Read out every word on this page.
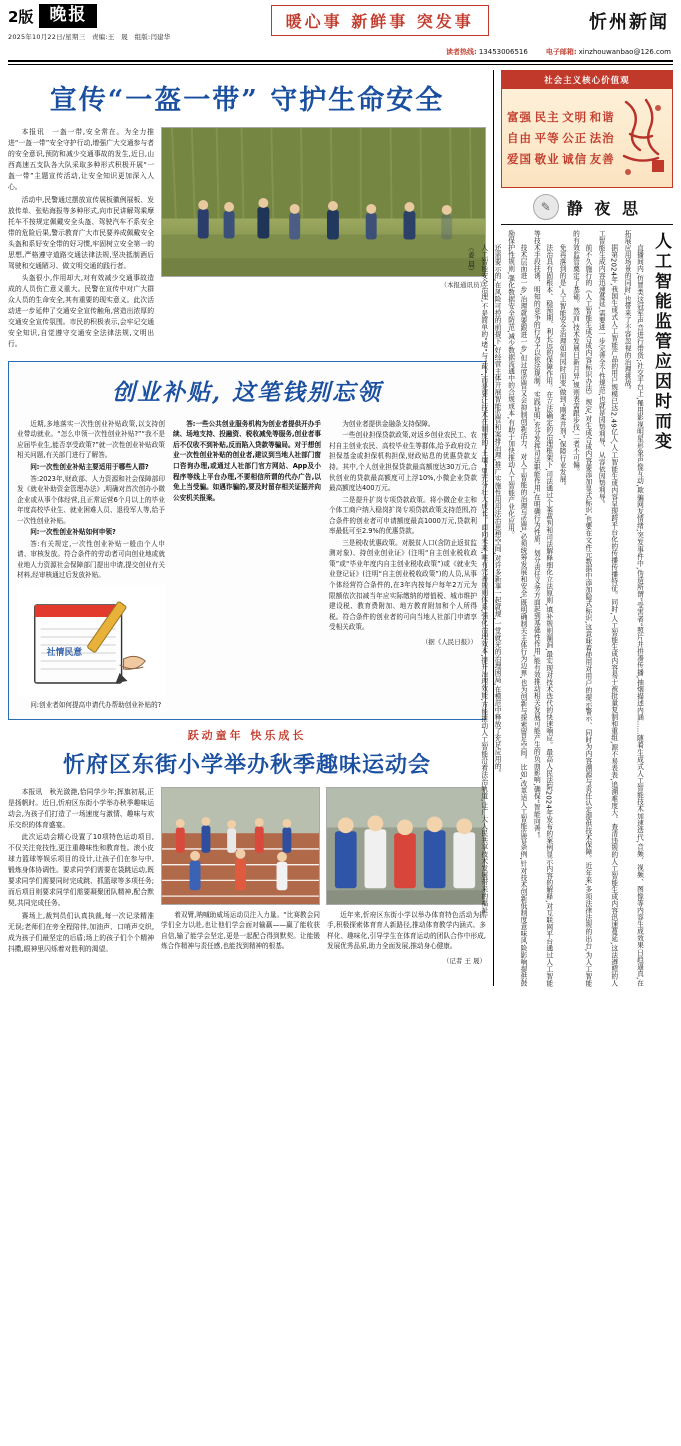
2版 晚报
2025年10月22日/星期三　责编:王　晟　组版:闫建华
暖心事 新鲜事 突发事	忻州新闻
读者热线: 13453006516	电子邮箱: xinzhouwanbao@126.com
宣传“一盔一带” 守护生命安全

本报讯　一盔一带,安全常在。为全力推进“一盔一带”安全守护行动,增强广大交通参与者的安全意识,预防和减少交通事故的发生,近日,山西高速五支队各大队采取多种形式积极开展“一盔一带”主题宣传活动,让安全知识更加深入人心。

活动中,民警通过摆放宣传展板徽例展板、发放传单、张贴海报等多种形式,向市民讲解驾乘摩托车不按规定佩戴安全头盔、驾驶汽车不系安全带的危险后果,警示教育广大市民要养成佩戴安全头盔和系好安全带的好习惯,牢固树立安全第一的思想,严格遵守道路交通法律法规,坚决抵制酒后驾驶和交通陋习、做文明交通的践行者。

头盔很小,作用却大,对有效减少交通事故造成的人员伤亡意义重大。民警在宣传中对广大群众人员的生命安全,其有重要的现实意义。此次活动进一步延伸了交通安全宣传触角,营造出浓厚的交通安全宣传氛围。市民的积极表示,会牢记交通安全知识,自觉遵守交通安全法律法规,文明出行。

（本报通讯员）
创业补贴, 这笔钱别忘领

近期,多地落实一次性创业补贴政策,以支持创业带动就业。“怎么申领一次性创业补贴?”“我不是应届毕业生,能否享受政策?”就一次性创业补贴政策相关问题,有关部门进行了解答。

问:一次性创业补贴主要适用于哪些人群?

答:2023年,财政部、人力资源和社会保障部印发《就业补助资金管理办法》,明确对首次创办小微企业或从事个体经营,且正常运营6个月以上的毕业年度高校毕业生、就业困难人员、退役军人等,给予一次性创业补贴。

问:一次性创业补贴如何申领?

答:有关规定,一次性创业补贴一般由个人申请、审核发放。符合条件的劳动者可向创业地或就业地人力资源社会保障部门提出申请,提交创业有关材料,经审核通过后发放补贴。

社情民意

问:创业者如何提高申请代办帮助创业补贴的?

答:一些公共创业服务机构为创业者提供开办手续、场地支持、投融资、税收减免等服务,创业者事后不仅收不到补贴,反而陷入贷款等骗局。对于想创业一次性创业补贴的创业者,建议到当地人社部门窗口咨询办理,或通过人社部门官方网站、App及小程序等线上平台办理,不要相信所谓的代办广告,以免上当受骗。如遇诈骗的,要及时留存相关证据并向公安机关报案。

为创业者提供金融条支持保障。

一些创业担保贷款政策,对返乡创业农民工、农村自主创业农民、高校毕业生等群体,给予政府设立担保基金或担保机构担保,财政贴息的优惠贷款支持。其中,个人创业担保贷款最高额度达30万元,合伙创业的贷款最高额度可上浮10%,小微企业贷款最高额度达400万元。

二是提升扩岗专项贷款政策。将小微企业主和个体工商户纳入稳岗扩岗专项贷款政策支持范围,符合条件的创业者可申请额度最高1000万元,贷款利率最低可至2.9%的优惠贷款。

三是税收优惠政策。对脱贫人口(含防止返贫监测对象)、持创业创业证》(注明“自主创业税收政策”或“毕业年度内自主创业税收政策”)或《就业失业登记证》(注明“自主创业税收政策”)的人员,从事个体经营符合条件的,在3年内按每户每年2万元为限额依次扣减当年应实际缴纳的增值税、城市维护建设税、教育费附加、地方教育附加和个人所得税。符合条件的创业者的可向当地人社部门申请享受相关政策。

（据《人民日报》）
跃动童年 快乐成长
忻府区东街小学举办秋季趣味运动会

本报讯　秋光潋滟,恰同学少年;挥旗初展,正是扬帆时。近日,忻府区东街小学举办秋季趣味运动会,为孩子们打造了一场速度与激情、趣味与欢乐交织的体育盛宴。

此次运动会精心设置了10项特色运动项目,不仅关注竞技性,更注重趣味性和教育性。滚小皮球力篮球等娱乐项目的设计,让孩子们在参与中,锻炼身体协调性。要求同学们需要在袋跳运动,既要求同学们需要同时完成跳、抓篮球等多项任务;而后项目则要求同学们需要凝聚团队精神,配合默契,共同完成任务。

赛场上,裁判员们认真执裁,每一次记录精准无误;老师们在旁全程陪伴,加油声、口哨声交织,成为孩子们最坚定的后盾;场上的孩子们个个精神抖擞,眼神里闪烁着对胜利的渴望。

着双臂,呐喊助威场运动员注入力量。“比赛教会同学们全力以赴,也让他们学会面对输赢——赢了能收获自信,输了能学会坚定,更是一起配合得到默契。让能锻炼合作精神与责任感,也能找到精神的根基。

近年来,忻府区东街小学以举办体育特色活动为抓手,积极探索体育育人新路径,推动体育教学内涵式、多样化、趣味化,引导学生在体育运动的团队合作中形成,发展优秀品质,助力全面发展,推动身心健康。

（记者 王 晟）
社会主义核心价值观
富强 民主 文明 和谐
自由 平等 公正 法治
爱国 敬业 诚信 友善
✎ 静 夜 思
人工智能监管应因时而变

直播间内,仿冒类这冠军声音进行带货;社交平台上,罹用影视明星形象声像互动,欺骗网友情绪;突发事件中,伪造所谓“受害者”照片并拼凑传播,抽烟描述内涵……随着生成式人工智能技术加速迭代,音频、视频、图像等内容生成效果日趋逼真,在拓展应用场景的同时,也带来了不容忽视的治理挑战。

据第2024年,我国生成式人工智能产品的用户规模已达2.49亿人,人工智能生成内容呈现跨平台化的传播传播特征。同时,人工智能生成内容易于被批量复制和重组,源不易表表,追溯难度大、查清违规的人工智能生成内容迅速蔓延,这法遵照的人工智能生成内容迅速蔓延,需要进一步完善全个性规范,也就是因势利导、从容依因势利导。

前不久施行的《人工智能生成合成内容标识办法》规定,对生成合成内容要添加显式标识,也要在文件元数据中添加隐式标识,这意味着使用对用户的提示警示、同时为内容溯源与责任认定提供技术保障。近年来,多项法律法规的出台,为人工智能的有效监管奠定了基础。然而,技术发展日新月异,规则表需跟步伐,二者不可偏。

免再落到的是,人工智能安全治理如何因时而变,做到“刚柔并剂”,保障行业发展。

法治具有固根本、稳预期、利长远的保障作用。在立法确定的治理框架下,司法通过个案裁判和司法解释细化立法原则,填补规则漏洞,最实现对技术迭代的快速响应。最高人民法院2024年发布的案例显示内容的解释,对互联网平台通过人工智能等技术手段扶诱、明知的竞争的行为予以依法规制。实践证明,充分发挥司法职能作用,在明确行为性质、划分责任义务方面起到基础性作用,能有效推动相关发展可能产生的负面影响,确保“智能向善”。

技术层面进一步,治理就要跟进一步,但过度监管又会抑制创新活力。对人工智能的治理与监管,必须统筹发展和安全,既明确制关主体行为边界,也为创新与探索留足空间。比如,改革适人工智能监管条例,针对技术创新低制度意味风险影响提供鼓励保护性规则,强化数据安全防范,减少数据流通中的合规成本,有助于加快推动人工智能产业化应用。

还需要示的,在风险可控的前提下,好经营主体开展智能监管和案排治理,推广实施性用用法治思想空间,对许多新事一起就规,一堂就光的治理困局,在模范中释放了充足应用的。

人工智能安全治理,不是简单的“堵”与“疏”,而是要让技术在制度的“土壤”里充分壮大成长。面向未来,唯有完善规则体系,强化治理效本,提升治理效能,方能推动人工智能沿着法治轨道,让广大人民共享技术发展带来的福祉。

（姜 晨）
